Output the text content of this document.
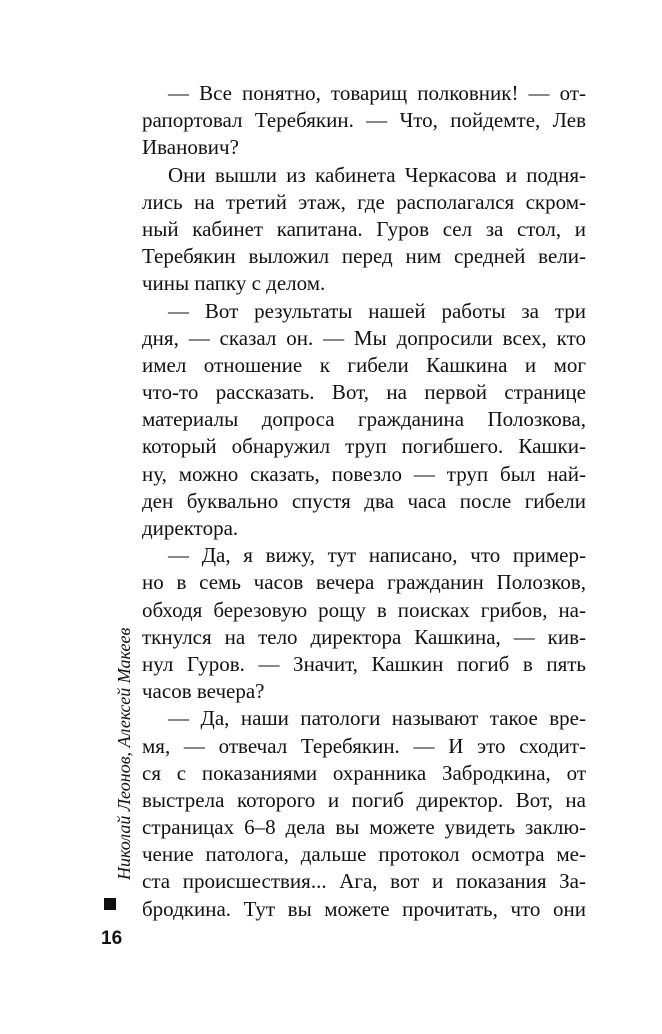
— Все понятно, товарищ полковник! — от-
рапортовал Теребякин. — Что, пойдемте, Лев
Иванович?
Они вышли из кабинета Черкасова и подня-
лись на третий этаж, где располагался скром-
ный кабинет капитана. Гуров сел за стол, и
Теребякин выложил перед ним средней вели-
чины папку с делом.
— Вот результаты нашей работы за три
дня, — сказал он. — Мы допросили всех, кто
имел отношение к гибели Кашкина и мог
что-то рассказать. Вот, на первой странице
материалы допроса гражданина Полозкова,
который обнаружил труп погибшего. Кашки-
ну, можно сказать, повезло — труп был най-
ден буквально спустя два часа после гибели
директора.
— Да, я вижу, тут написано, что пример-
но в семь часов вечера гражданин Полозков,
обходя березовую рощу в поисках грибов, на-
ткнулся на тело директора Кашкина, — кив-
нул Гуров. — Значит, Кашкин погиб в пять
часов вечера?
— Да, наши патологи называют такое вре-
мя, — отвечал Теребякин. — И это сходит-
ся с показаниями охранника Забродкина, от
выстрела которого и погиб директор. Вот, на
страницах 6–8 дела вы можете увидеть заклю-
чение патолога, дальше протокол осмотра ме-
ста происшествия... Ага, вот и показания За-
бродкина. Тут вы можете прочитать, что они
Николай Леонов, Алексей Макеев
16
